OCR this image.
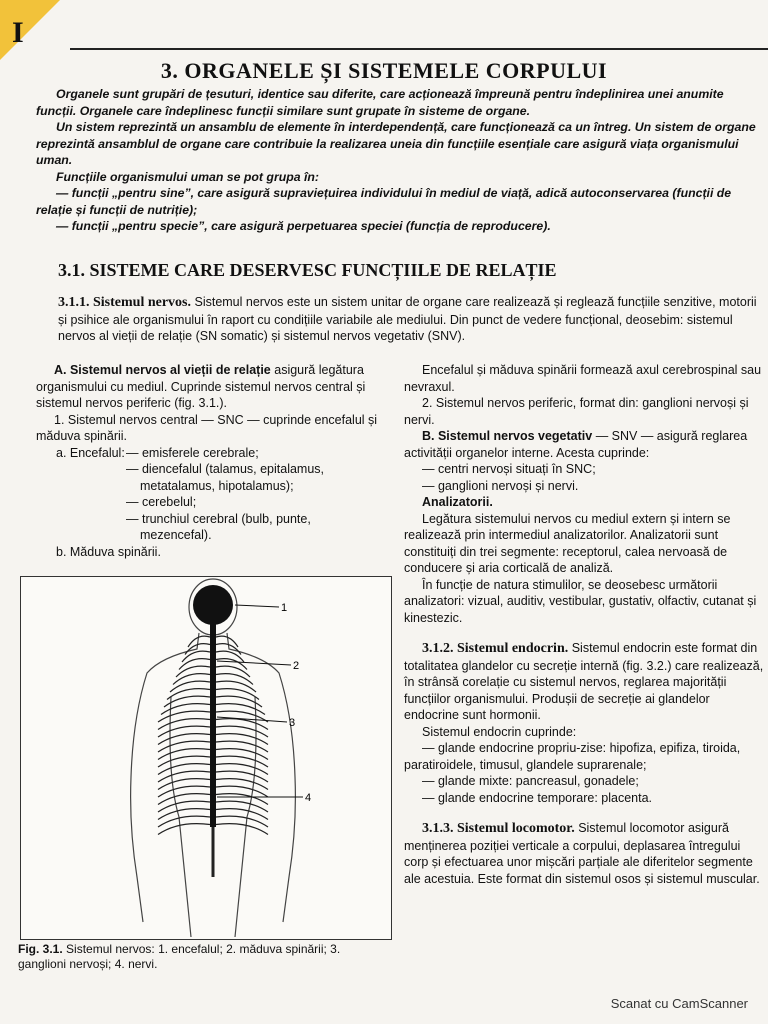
I
3. ORGANELE ȘI SISTEMELE CORPULUI

Organele sunt grupări de țesuturi, identice sau diferite, care acționează împreună pentru îndeplinirea unei anumite funcții. Organele care îndeplinesc funcții similare sunt grupate în sisteme de organe.

Un sistem reprezintă un ansamblu de elemente în interdependență, care funcționează ca un întreg. Un sistem de organe reprezintă ansamblul de organe care contribuie la realizarea uneia din funcțiile esențiale care asigură viața organismului uman.

Funcțiile organismului uman se pot grupa în:

— funcții „pentru sine”, care asigură supraviețuirea individului în mediul de viață, adică autoconservarea (funcții de relație și funcții de nutriție);

— funcții „pentru specie”, care asigură perpetuarea speciei (funcția de reproducere).

3.1. SISTEME CARE DESERVESC FUNCȚIILE DE RELAȚIE

3.1.1. Sistemul nervos. Sistemul nervos este un sistem unitar de organe care realizează și reglează funcțiile senzitive, motorii și psihice ale organismului în raport cu condițiile variabile ale mediului. Din punct de vedere funcțional, deosebim: sistemul nervos al vieții de relație (SN somatic) și sistemul nervos vegetativ (SNV).

A. Sistemul nervos al vieții de relație asigură legătura organismului cu mediul. Cuprinde sistemul nervos central și sistemul nervos periferic (fig. 3.1.).

1. Sistemul nervos central — SNC — cuprinde encefalul și măduva spinării.

a. Encefalul: — emisferele cerebrale;
— diencefalul (talamus, epitalamus,
metatalamus, hipotalamus);
— cerebelul;
— trunchiul cerebral (bulb, punte,
mezencefal).

b. Măduva spinării.

1
2
3
4
Fig. 3.1. Sistemul nervos: 1. encefalul; 2. măduva spinării; 3. ganglioni nervoși; 4. nervi.

Encefalul și măduva spinării formează axul cerebrospinal sau nevraxul.

2. Sistemul nervos periferic, format din: ganglioni nervoși și nervi.

B. Sistemul nervos vegetativ — SNV — asigură reglarea activității organelor interne. Acesta cuprinde:

— centri nervoși situați în SNC;

— ganglioni nervoși și nervi.

Analizatorii.

Legătura sistemului nervos cu mediul extern și intern se realizează prin intermediul analizatorilor. Analizatorii sunt constituiți din trei segmente: receptorul, calea nervoasă de conducere și aria corticală de analiză.

În funcție de natura stimulilor, se deosebesc următorii analizatori: vizual, auditiv, vestibular, gustativ, olfactiv, cutanat și kinestezic.

3.1.2. Sistemul endocrin. Sistemul endocrin este format din totalitatea glandelor cu secreție internă (fig. 3.2.) care realizează, în strânsă corelație cu sistemul nervos, reglarea majorității funcțiilor organismului. Produșii de secreție ai glandelor endocrine sunt hormonii.

Sistemul endocrin cuprinde:

— glande endocrine propriu-zise: hipofiza, epifiza, tiroida, paratiroidele, timusul, glandele suprarenale;

— glande mixte: pancreasul, gonadele;

— glande endocrine temporare: placenta.

3.1.3. Sistemul locomotor. Sistemul locomotor asigură menținerea poziției verticale a corpului, deplasarea întregului corp și efectuarea unor mișcări parțiale ale diferitelor segmente ale acestuia. Este format din sistemul osos și sistemul muscular.

Scanat cu CamScanner
